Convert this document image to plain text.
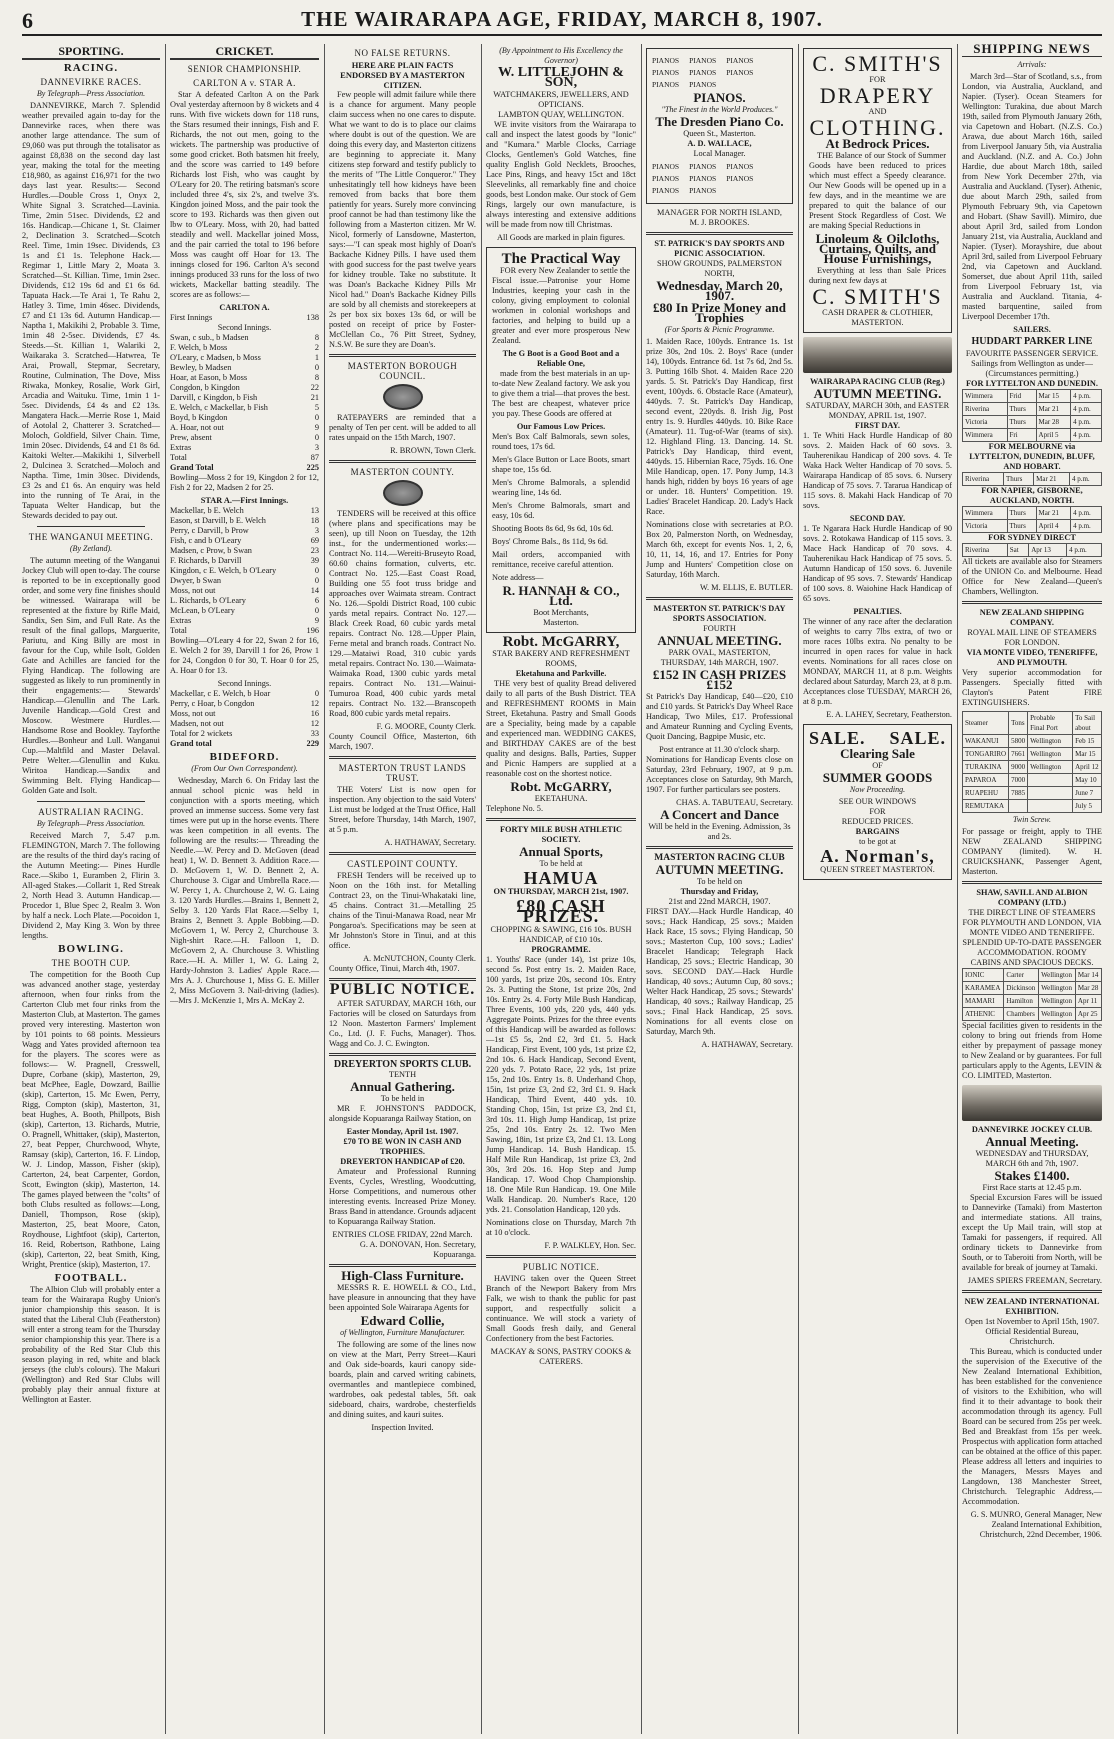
6	THE WAIRARAPA AGE, FRIDAY, MARCH 8, 1907.
SPORTING.
RACING.
DANNEVIRKE RACES.
By Telegraph—Press Association.
DANNEVIRKE, March 7. Splendid weather prevailed again to-day for the Dannevirke races, when there was another large attendance. The sum of £9,060 was put through the totalisator as against £8,838 on the second day last year, making the total for the meeting £18,980, as against £16,971 for the two days last year. Results:— Second Hurdles.—Double Cross 1, Onyx 2, White Signal 3. Scratched—Lavinia. Time, 2min 51sec. Dividends, £2 and 16s. Handicap.—Chicane 1, St. Claimer 2, Declination 3. Scratched—Scotch Reel. Time, 1min 19sec. Dividends, £3 1s and £1 1s. Telephone Hack.—Regimar 1, Little Mary 2, Moata 3. Scratched—St. Killian. Time, 1min 2sec. Dividends, £12 19s 6d and £1 6s 6d. Tapuata Hack.—Te Arai 1, Te Rahu 2, Hatley 3. Time, 1min 46sec. Dividends, £7 and £1 13s 6d. Autumn Handicap.—Naptha 1, Makikihi 2, Probable 3. Time, 1min 48 2-5sec. Dividends, £7 4s. Steeds.—St. Killian 1, Walariki 2, Waikaraka 3. Scratched—Hatwrea, Te Arai, Prowall, Stepmar, Secretary, Routine, Culmination, The Dove, Miss Riwaka, Monkey, Rosalie, Work Girl, Arcadia and Waituku. Time, 1min 1 1-5sec. Dividends, £4 4s and £2 13s. Mangatera Hack.—Merrie Rose 1, Maid of Aotolal 2, Chatterer 3. Scratched—Moloch, Goldfield, Silver Chain. Time, 1min 20sec. Dividends, £4 and £1 8s 6d. Kaitoki Welter.—Makikihi 1, Silverbell 2, Dulcinea 3. Scratched—Moloch and Naptha. Time, 1min 30sec. Dividends, £3 2s and £1 6s. An enquiry was held into the running of Te Arai, in the Tapuata Welter Handicap, but the Stewards decided to pay out.
THE WANGANUI MEETING.
(By Zetland).
The autumn meeting of the Wanganui Jockey Club will open to-day. The course is reported to be in exceptionally good order, and some very fine finishes should be witnessed. Wairarapa will be represented at the fixture by Rifle Maid, Sandix, Sen Sim, and Full Rate. As the result of the final gallops, Marguerite, Pariutu, and King Billy are most in favour for the Cup, while Isolt, Golden Gate and Achilles are fancied for the Flying Handicap. The following are suggested as likely to run prominently in their engagements:— Stewards' Handicap.—Glenullin and The Lark. Juvenile Handicap.—Gold Crest and Moscow. Westmere Hurdles.—Handsome Rose and Bookley. Tayforthe Hurdles.—Bonheur and Lull. Wanganui Cup.—Maltfild and Master Delaval. Petre Welter.—Glenullin and Kuku. Wiritoa Handicap.—Sandix and Swimming Belt. Flying Handicap—Golden Gate and Isolt.
AUSTRALIAN RACING.
By Telegraph—Press Association.
Received March 7, 5.47 p.m. FLEMINGTON, March 7. The following are the results of the third day's racing of the Autumn Meeting:— Pines Hurdle Race.—Skibo 1, Euramben 2, Flirin 3. All-aged Stakes.—Collarit 1, Red Streak 2, North Head 3. Autumn Handicap.—Procedor 1, Blue Spec 2, Realm 3. Won by half a neck. Loch Plate.—Pocoidon 1, Dividend 2, May King 3. Won by three lengths.
BOWLING.
THE BOOTH CUP.
The competition for the Booth Cup was advanced another stage, yesterday afternoon, when four rinks from the Carterton Club met four rinks from the Masterton Club, at Masterton. The games proved very interesting. Masterton won by 101 points to 68 points. Messieurs Wagg and Yates provided afternoon tea for the players. The scores were as follows:— W. Pragnell, Cresswell, Dupre, Corbane (skip), Masterton, 29, beat McPhee, Eagle, Dowzard, Baillie (skip), Carterton, 15. Mc Ewen, Perry, Rigg, Compton (skip), Masterton, 31, beat Hughes, A. Booth, Phillpots, Bish (skip), Carterton, 13. Richards, Mutrie, O. Pragnell, Whittaker, (skip), Masterton, 27, beat Pepper, Churchwood, Whyte, Ramsay (skip), Carterton, 16. F. Lindop, W. J. Lindop, Masson, Fisher (skip), Carterton, 24, beat Carpenter, Gordon, Scott, Ewington (skip), Masterton, 14. The games played between the "colts" of both Clubs resulted as follows:—Long, Daniell, Thompson, Rose (skip), Masterton, 25, beat Moore, Caton, Roydhouse, Lightfoot (skip), Carterton, 16. Reid, Robertson, Rathbone, Laing (skip), Carterton, 22, beat Smith, King, Wright, Prentice (skip), Masterton, 17.
FOOTBALL.
The Albion Club will probably enter a team for the Wairarapa Rugby Union's junior championship this season. It is stated that the Liberal Club (Featherston) will enter a strong team for the Thursday senior championship this year. There is a probability of the Red Star Club this season playing in red, white and black jerseys (the club's colours). The Makuri (Wellington) and Red Star Clubs will probably play their annual fixture at Wellington at Easter.
CRICKET.
SENIOR CHAMPIONSHIP.
CARLTON A v. STAR A.
Star A defeated Carlton A on the Park Oval yesterday afternoon by 8 wickets and 4 runs. With five wickets down for 118 runs, the Stars resumed their innings, Fish and F. Richards, the not out men, going to the wickets. The partnership was productive of some good cricket. Both batsmen hit freely, and the score was carried to 149 before Richards lost Fish, who was caught by O'Leary for 20. The retiring batsman's score included three 4's, six 2's, and twelve 3's. Kingdon joined Moss, and the pair took the score to 193. Richards was then given out lbw to O'Leary. Moss, with 20, had batted steadily and well. Mackellar joined Moss, and the pair carried the total to 196 before Moss was caught off Hoar for 13. The innings closed for 196. Carlton A's second innings produced 33 runs for the loss of two wickets, Mackellar batting steadily. The scores are as follows:—
CARLTON A.
First Innings	138
Second Innings.
Swan, c sub., b Madsen	8
F. Welch, b Moss	2
O'Leary, c Madsen, b Moss	1
Bewley, b Madsen	0
Hoar, at Eason, b Moss	8
Congdon, b Kingdon	22
Darvill, c Kingdon, b Fish	21
E. Welch, c Mackellar, b Fish	5
Boyd, b Kingdon	0
A. Hoar, not out	9
Prew, absent	0
Extras	3
Total	87
Grand Total	225
Bowling—Moss 2 for 19, Kingdon 2 for 12, Fish 2 for 22, Madsen 2 for 25.
STAR A.—First Innings.
Mackellar, b E. Welch	13
Eason, st Darvill, b E. Welch	18
Perry, c Darvill, b Prow	3
Fish, c and b O'Leary	69
Madsen, c Prow, b Swan	23
F. Richards, b Darvill	39
Kingdon, c E. Welch, b O'Leary	0
Dwyer, b Swan	0
Moss, not out	14
L. Richards, b O'Leary	6
McLean, b O'Leary	0
Extras	9
Total	196
Bowling—O'Leary 4 for 22, Swan 2 for 16, E. Welch 2 for 39, Darvill 1 for 26, Prow 1 for 24, Congdon 0 for 30, T. Hoar 0 for 25, A. Hoar 0 for 13.
Second Innings.
Mackellar, c E. Welch, b Hoar	0
Perry, c Hoar, b Congdon	12
Moss, not out	16
Madsen, not out	12
Total for 2 wickets	33
Grand total	229
BIDEFORD.
(From Our Own Correspondent).
Wednesday, March 6. On Friday last the annual school picnic was held in conjunction with a sports meeting, which proved an immense success. Some very fast times were put up in the horse events. There was keen competition in all events. The following are the results:— Threading the Needle.—W. Percy and D. McGoven (dead heat) 1, W. D. Bennett 3. Addition Race.—D. McGovern 1, W. D. Bennett 2, A. Churchouse 3. Cigar and Umbrella Race.—W. Percy 1, A. Churchouse 2, W. G. Laing 3. 120 Yards Hurdles.—Brains 1, Bennett 2, Selby 3. 120 Yards Flat Race.—Selby 1, Brains 2, Bennett 3. Apple Bobbing.—D. McGovern 1, W. Percy 2, Churchouse 3. Nigh-shirt Race.—H. Falloon 1, D. McGovern 2, A. Churchouse 3. Whistling Race.—H. A. Miller 1, W. G. Laing 2, Hardy-Johnston 3. Ladies' Apple Race.—Mrs A. J. Churchouse 1, Miss G. E. Miller 2, Miss McGovern 3. Nail-driving (ladies).—Mrs J. McKenzie 1, Mrs A. McKay 2.
NO FALSE RETURNS.
HERE ARE PLAIN FACTS ENDORSED BY A MASTERTON CITIZEN.
Few people will admit failure while there is a chance for argument. Many people claim success when no one cares to dispute. What we want to do is to place our claims where doubt is out of the question. We are doing this every day, and Masterton citizens are beginning to appreciate it. Many citizens step forward and testify publicly to the merits of "The Little Conqueror." They unhesitatingly tell how kidneys have been removed from backs that bore them patiently for years. Surely more convincing proof cannot be had than testimony like the following from a Masterton citizen. Mr W. Nicol, formerly of Lansdowne, Masterton, says:—"I can speak most highly of Doan's Backache Kidney Pills. I have used them with good success for the past twelve years for kidney trouble. Take no substitute. It was Doan's Backache Kidney Pills Mr Nicol had." Doan's Backache Kidney Pills are sold by all chemists and storekeepers at 2s per box six boxes 13s 6d, or will be posted on receipt of price by Foster-McClellan Co., 76 Pitt Street, Sydney, N.S.W. Be sure they are Doan's.
MASTERTON BOROUGH COUNCIL.
RATEPAYERS are reminded that a penalty of Ten per cent. will be added to all rates unpaid on the 15th March, 1907.
R. BROWN, Town Clerk.
MASTERTON COUNTY.
TENDERS will be received at this office (where plans and specifications may be seen), up till Noon on Tuesday, the 12th inst., for the undermentioned works:— Contract No. 114.—Wereiti-Bruseyto Road, 60.60 chains formation, culverts, etc. Contract No. 125.—East Coast Road, Building one 55 foot truss bridge and approaches over Waimata stream. Contract No. 126.—Spoldi District Road, 100 cubic yards metal repairs. Contract No. 127.—Black Creek Road, 60 cubic yards metal repairs. Contract No. 128.—Upper Plain, Ferne metal and branch roads. Contract No. 129.—Mataiwi Road, 310 cubic yards metal repairs. Contract No. 130.—Waimata-Waimaka Road, 1300 cubic yards metal repairs. Contract No. 131.—Wainui-Tumuroa Road, 400 cubic yards metal repairs. Contract No. 132.—Branscopeth Road, 800 cubic yards metal repairs.
F. G. MOORE, County Clerk.
County Council Office, Masterton, 6th March, 1907.
MASTERTON TRUST LANDS TRUST.
THE Voters' List is now open for inspection. Any objection to the said Voters' List must be lodged at the Trust Office, Hall Street, before Thursday, 14th March, 1907, at 5 p.m.
A. HATHAWAY, Secretary.
CASTLEPOINT COUNTY.
FRESH Tenders will be received up to Noon on the 16th inst. for Metalling Contract 23, on the Tinui-Whakataki line, 45 chains. Contract 31.—Metalling 25 chains of the Tinui-Manawa Road, near Mr Pongaroa's. Specifications may be seen at Mr Johnston's Store in Tinui, and at this office.
A. McNUTCHON, County Clerk.
County Office, Tinui, March 4th, 1907.
PUBLIC NOTICE.
AFTER SATURDAY, MARCH 16th, our Factories will be closed on Saturdays from 12 Noon. Masterton Farmers' Implement Co., Ltd. (J. F. Fuchs, Manager). Thos. Wagg and Co. J. C. Ewington.
DREYERTON SPORTS CLUB.
TENTH
Annual Gathering.
To be held in
MR F. JOHNSTON'S PADDOCK, alongside Kopuaranga Railway Station, on
Easter Monday, April 1st. 1907.
£70 TO BE WON IN CASH AND TROPHIES.
DREYERTON HANDICAP of £20.
Amateur and Professional Running Events, Cycles, Wrestling, Woodcutting, Horse Competitions, and numerous other interesting events. Increased Prize Money. Brass Band in attendance. Grounds adjacent to Kopuaranga Railway Station.
ENTRIES CLOSE FRIDAY, 22nd March.
G. A. DONOVAN, Hon. Secretary, Kopuaranga.
High-Class Furniture.
MESSRS R. E. HOWELL & CO., Ltd., have pleasure in announcing that they have been appointed Sole Wairarapa Agents for
Edward Collie,
of Wellington, Furniture Manufacturer.
The following are some of the lines now on view at the Mart, Perry Street—Kauri and Oak side-boards, kauri canopy side-boards, plain and carved writing cabinets, overmantles and mantlepiece combined, wardrobes, oak pedestal tables, 5ft. oak sideboard, chairs, wardrobe, chesterfields and dining suites, and kauri suites.
Inspection Invited.
(By Appointment to His Excellency the Governor)
W. LITTLEJOHN & SON,
WATCHMAKERS, JEWELLERS, AND OPTICIANS.
LAMBTON QUAY, WELLINGTON.
WE invite visitors from the Wairarapa to call and inspect the latest goods by "Ionic" and "Kumara." Marble Clocks, Carriage Clocks, Gentlemen's Gold Watches, fine quality English Gold Necklets, Brooches, Lace Pins, Rings, and heavy 15ct and 18ct Sleevelinks, all remarkably fine and choice goods, best London make. Our stock of Gem Rings, largely our own manufacture, is always interesting and extensive additions will be made from now till Christmas.
All Goods are marked in plain figures.
The Practical Way
FOR every New Zealander to settle the Fiscal issue.—Patronise your Home Industries, keeping your cash in the colony, giving employment to colonial workmen in colonial workshops and factories, and helping to build up a greater and ever more prosperous New Zealand.
The G Boot is a Good Boot and a Reliable One,
made from the best materials in an up-to-date New Zealand factory. We ask you to give them a trial—that proves the best. The best are cheapest, whatever price you pay. These Goods are offered at
Our Famous Low Prices.
Men's Box Calf Balmorals, sewn soles, round toes, 17s 6d.
Men's Glace Button or Lace Boots, smart shape toe, 15s 6d.
Men's Chrome Balmorals, a splendid wearing line, 14s 6d.
Men's Chrome Balmorals, smart and easy, 10s 6d.
Shooting Boots 8s 6d, 9s 6d, 10s 6d.
Boys' Chrome Bals., 8s 11d, 9s 6d.
Mail orders, accompanied with remittance, receive careful attention.
Note address—
R. HANNAH & CO., Ltd.
Boot Merchants,
Masterton.
Robt. McGARRY,
STAR BAKERY AND REFRESHMENT ROOMS,
Eketahuna and Parkville.
THE very best of quality Bread delivered daily to all parts of the Bush District. TEA and REFRESHMENT ROOMS in Main Street, Eketahuna. Pastry and Small Goods are a Speciality, being made by a capable and experienced man. WEDDING CAKES, and BIRTHDAY CAKES are of the best quality and designs. Balls, Parties, Supper and Picnic Hampers are supplied at a reasonable cost on the shortest notice.
Robt. McGARRY,
EKETAHUNA.
Telephone No. 5.
FORTY MILE BUSH ATHLETIC SOCIETY.
Annual Sports,
To be held at
HAMUA
ON THURSDAY, MARCH 21st, 1907.
£80 CASH PRIZES.
CHOPPING & SAWING, £16 10s. BUSH HANDICAP, of £10 10s.
PROGRAMME.
1. Youths' Race (under 14), 1st prize 10s, second 5s. Post entry 1s. 2. Maiden Race, 100 yards, 1st prize 20s, second 10s. Entry 2s. 3. Putting the Stone, 1st prize 20s, 2nd 10s. Entry 2s. 4. Forty Mile Bush Handicap, Three Events, 100 yds, 220 yds, 440 yds. Aggregate Points. Prizes for the three events of this Handicap will be awarded as follows:—1st £5 5s, 2nd £2, 3rd £1. 5. Hack Handicap, First Event, 100 yds, 1st prize £2, 2nd 10s. 6. Hack Handicap, Second Event, 220 yds. 7. Potato Race, 22 yds, 1st prize 15s, 2nd 10s. Entry 1s. 8. Underhand Chop, 15in, 1st prize £3, 2nd £2, 3rd £1. 9. Hack Handicap, Third Event, 440 yds. 10. Standing Chop, 15in, 1st prize £3, 2nd £1, 3rd 10s. 11. High Jump Handicap, 1st prize 25s, 2nd 10s. Entry 2s. 12. Two Men Sawing, 18in, 1st prize £3, 2nd £1. 13. Long Jump Handicap. 14. Bush Handicap. 15. Half Mile Run Handicap, 1st prize £3, 2nd 30s, 3rd 20s. 16. Hop Step and Jump Handicap. 17. Wood Chop Championship. 18. One Mile Run Handicap. 19. One Mile Walk Handicap. 20. Number's Race, 120 yds. 21. Consolation Handicap, 120 yds.
Nominations close on Thursday, March 7th at 10 o'clock.
F. P. WALKLEY, Hon. Sec.
PUBLIC NOTICE.
HAVING taken over the Queen Street Branch of the Newport Bakery from Mrs Falk, we wish to thank the public for past support, and respectfully solicit a continuance. We will stock a variety of Small Goods fresh daily, and General Confectionery from the best Factories.
MACKAY & SONS, PASTRY COOKS & CATERERS.
PIANOS PIANOS PIANOS
PIANOS PIANOS PIANOS
PIANOS PIANOS
PIANOS.
"The Finest in the World Produces."
The Dresden Piano Co.
Queen St., Masterton.
A. D. WALLACE,
Local Manager.
PIANOS PIANOS PIANOS
PIANOS PIANOS PIANOS
PIANOS PIANOS
MANAGER FOR NORTH ISLAND,
M. J. BROOKES.
ST. PATRICK'S DAY SPORTS AND PICNIC ASSOCIATION.
SHOW GROUNDS, PALMERSTON NORTH,
Wednesday, March 20, 1907.
£80 In Prize Money and Trophies
(For Sports & Picnic Programme.
1. Maiden Race, 100yds. Entrance 1s. 1st prize 30s, 2nd 10s. 2. Boys' Race (under 14), 100yds. Entrance 6d. 1st 7s 6d, 2nd 5s. 3. Putting 16lb Shot. 4. Maiden Race 220 yards. 5. St. Patrick's Day Handicap, first event, 100yds. 6. Obstacle Race (Amateur), 440yds. 7. St. Patrick's Day Handicap, second event, 220yds. 8. Irish Jig, Post entry 1s. 9. Hurdles 440yds. 10. Bike Race (Amateur). 11. Tug-of-War (teams of six). 12. Highland Fling. 13. Dancing. 14. St. Patrick's Day Handicap, third event, 440yds. 15. Hibernian Race, 75yds. 16. One Mile Handicap, open. 17. Pony Jump, 14.3 hands high, ridden by boys 16 years of age or under. 18. Hunters' Competition. 19. Ladies' Bracelet Handicap. 20. Lady's Hack Race.
Nominations close with secretaries at P.O. Box 20, Palmerston North, on Wednesday, March 6th, except for events Nos. 1, 2, 6, 10, 11, 14, 16, and 17. Entries for Pony Jump and Hunters' Competition close on Saturday, 16th March.
W. M. ELLIS, E. BUTLER.
MASTERTON ST. PATRICK'S DAY SPORTS ASSOCIATION.
FOURTH
ANNUAL MEETING.
PARK OVAL, MASTERTON,
THURSDAY, 14th MARCH, 1907.
£152 IN CASH PRIZES £152
St Patrick's Day Handicap, £40—£20, £10 and £10 yards. St Patrick's Day Wheel Race Handicap, Two Miles, £17. Professional and Amateur Running and Cycling Events, Quoit Dancing, Bagpipe Music, etc.
Post entrance at 11.30 o'clock sharp.
Nominations for Handicap Events close on Saturday, 23rd February, 1907, at 9 p.m. Acceptances close on Saturday, 9th March, 1907. For further particulars see posters.
CHAS. A. TABUTEAU, Secretary.
A Concert and Dance
Will be held in the Evening. Admission, 3s and 2s.
MASTERTON RACING CLUB
AUTUMN MEETING.
To be held on
Thursday and Friday,
21st and 22nd MARCH, 1907.
FIRST DAY.—Hack Hurdle Handicap, 40 sovs.; Hack Handicap, 25 sovs.; Maiden Hack Race, 15 sovs.; Flying Handicap, 50 sovs.; Masterton Cup, 100 sovs.; Ladies' Bracelet Handicap; Telegraph Hack Handicap, 25 sovs.; Electric Handicap, 30 sovs. SECOND DAY.—Hack Hurdle Handicap, 40 sovs.; Autumn Cup, 80 sovs.; Welter Hack Handicap, 25 sovs.; Stewards' Handicap, 40 sovs.; Railway Handicap, 25 sovs.; Final Hack Handicap, 25 sovs. Nominations for all events close on Saturday, March 9th.
A. HATHAWAY, Secretary.
C. SMITH'S
FOR
DRAPERY
AND
CLOTHING.
At Bedrock Prices.
THE Balance of our Stock of Summer Goods have been reduced to prices which must effect a Speedy clearance. Our New Goods will be opened up in a few days, and in the meantime we are prepared to quit the balance of our Present Stock Regardless of Cost. We are making Special Reductions in
Linoleum & Oilcloths, Curtains, Quilts, and House Furnishings,
Everything at less than Sale Prices during next few days at
C. SMITH'S
CASH DRAPER & CLOTHIER,
MASTERTON.
WAIRARAPA RACING CLUB (Reg.)
AUTUMN MEETING.
SATURDAY, MARCH 30th, and EASTER MONDAY, APRIL 1st, 1907.
FIRST DAY.
1. Te Whiti Hack Hurdle Handicap of 80 sovs. 2. Maiden Hack of 60 sovs. 3. Tauherenikau Handicap of 200 sovs. 4. Te Waka Hack Welter Handicap of 70 sovs. 5. Wairarapa Handicap of 85 sovs. 6. Nursery Handicap of 75 sovs. 7. Tararua Handicap of 115 sovs. 8. Makahi Hack Handicap of 70 sovs.
SECOND DAY.
1. Te Ngarara Hack Hurdle Handicap of 90 sovs. 2. Rotokawa Handicap of 115 sovs. 3. Mace Hack Handicap of 70 sovs. 4. Tauherenikau Hack Handicap of 75 sovs. 5. Autumn Handicap of 150 sovs. 6. Juvenile Handicap of 95 sovs. 7. Stewards' Handicap of 100 sovs. 8. Waiohine Hack Handicap of 65 sovs.
PENALTIES.
The winner of any race after the declaration of weights to carry 7lbs extra, of two or more races 10lbs extra. No penalty to be incurred in open races for value in hack events. Nominations for all races close on MONDAY, MARCH 11, at 8 p.m. Weights declared about Saturday, March 23, at 8 p.m. Acceptances close TUESDAY, MARCH 26, at 8 p.m.
E. A. LAHEY, Secretary, Featherston.
SALE. SALE.
Clearing Sale
OF
SUMMER GOODS
Now Proceeding.
SEE OUR WINDOWS
FOR
REDUCED PRICES.
BARGAINS
to be got at
A. Norman's,
QUEEN STREET MASTERTON.
SHIPPING NEWS
Arrivals:
March 3rd—Star of Scotland, s.s., from London, via Australia, Auckland, and Napier. (Tyser). Ocean Steamers for Wellington: Turakina, due about March 19th, sailed from Plymouth January 26th, via Capetown and Hobart. (N.Z.S. Co.) Arawa, due about March 16th, sailed from Liverpool January 5th, via Australia and Auckland. (N.Z. and A. Co.) John Hardie, due about March 18th, sailed from New York December 27th, via Australia and Auckland. (Tyser). Athenic, due about March 29th, sailed from Plymouth February 9th, via Capetown and Hobart. (Shaw Savill). Mimiro, due about April 3rd, sailed from London January 21st, via Australia, Auckland and Napier. (Tyser). Morayshire, due about April 3rd, sailed from Liverpool February 2nd, via Capetown and Auckland. Somerset, due about April 11th, sailed from Liverpool February 1st, via Australia and Auckland. Titania, 4-masted barquentine, sailed from Liverpool December 17th.
SAILERS.
HUDDART PARKER LINE
FAVOURITE PASSENGER SERVICE.
Sailings from Wellington as under—(Circumstances permitting.)
FOR LYTTELTON AND DUNEDIN.
Wimmera	Frid	Mar 15	4 p.m.
Riverina	Thurs	Mar 21	4 p.m.
Victoria	Thurs	Mar 28	4 p.m.
Wimmera	Fri	April 5	4 p.m.
FOR MELBOURNE via LYTTELTON, DUNEDIN, BLUFF, AND HOBART.
Riverina	Thurs	Mar 21	4 p.m.
FOR NAPIER, GISBORNE, AUCKLAND, NORTH.
Wimmera	Thurs	Mar 21	4 p.m.
Victoria	Thurs	April 4	4 p.m.
FOR SYDNEY DIRECT
Riverina	Sat	Apr 13	4 p.m.
All tickets are available also for Steamers of the UNION Co. and Melbourne. Head Office for New Zealand—Queen's Chambers, Wellington.
NEW ZEALAND SHIPPING COMPANY.
ROYAL MAIL LINE OF STEAMERS FOR LONDON.
VIA MONTE VIDEO, TENERIFFE, AND PLYMOUTH.
Very superior accommodation for Passengers. Specially fitted with Clayton's Patent FIRE EXTINGUISHERS.
Steamer	Tons	Probable Final Port	To Sail about
WAKANUI	5800	Wellington	Feb 15
TONGARIRO	7661	Wellington	Mar 15
TURAKINA	9000	Wellington	April 12
PAPAROA	7000		May 10
RUAPEHU	7885		June 7
REMUTAKA			July 5
Twin Screw.
For passage or freight, apply to THE NEW ZEALAND SHIPPING COMPANY (limited). W. H. CRUICKSHANK, Passenger Agent, Masterton.
SHAW, SAVILL AND ALBION COMPANY (LTD.)
THE DIRECT LINE OF STEAMERS FOR PLYMOUTH AND LONDON, VIA MONTE VIDEO AND TENERIFFE.
SPLENDID UP-TO-DATE PASSENGER ACCOMMODATION. ROOMY CABINS AND SPACIOUS DECKS.
IONIC	Carter	Wellington	Mar 14
KARAMEA	Dickinson	Wellington	Mar 28
MAMARI	Hamilton	Wellington	Apr 11
ATHENIC	Chambers	Wellington	Apr 25
Special facilities given to residents in the colony to bring out friends from Home either by prepayment of passage money to New Zealand or by guarantees. For full particulars apply to the Agents, LEVIN & CO. LIMITED, Masterton.
DANNEVIRKE JOCKEY CLUB.
Annual Meeting.
WEDNESDAY and THURSDAY,
MARCH 6th and 7th, 1907.
Stakes £1400.
First Race starts at 12.45 p.m.
Special Excursion Fares will be issued to Dannevirke (Tamaki) from Masterton and intermediate stations. All trains, except the Up Mail train, will stop at Tamaki for passengers, if required. All ordinary tickets to Dannevirke from South, or to Taberoiti from North, will be available for break of journey at Tamaki.
JAMES SPIERS FREEMAN, Secretary.
NEW ZEALAND INTERNATIONAL EXHIBITION.
Open 1st November to April 15th, 1907.
Official Residential Bureau, Christchurch.
This Bureau, which is conducted under the supervision of the Executive of the New Zealand International Exhibition, has been established for the convenience of visitors to the Exhibition, who will find it to their advantage to book their accommodation through its agency. Full Board can be secured from 25s per week. Bed and Breakfast from 15s per week. Prospectus with application form attached can be obtained at the office of this paper. Please address all letters and inquiries to the Managers, Messrs Mayes and Langdown, 138 Manchester Street, Christchurch. Telegraphic Address,—Accommodation.
G. S. MUNRO, General Manager, New Zealand International Exhibition, Christchurch, 22nd December, 1906.
